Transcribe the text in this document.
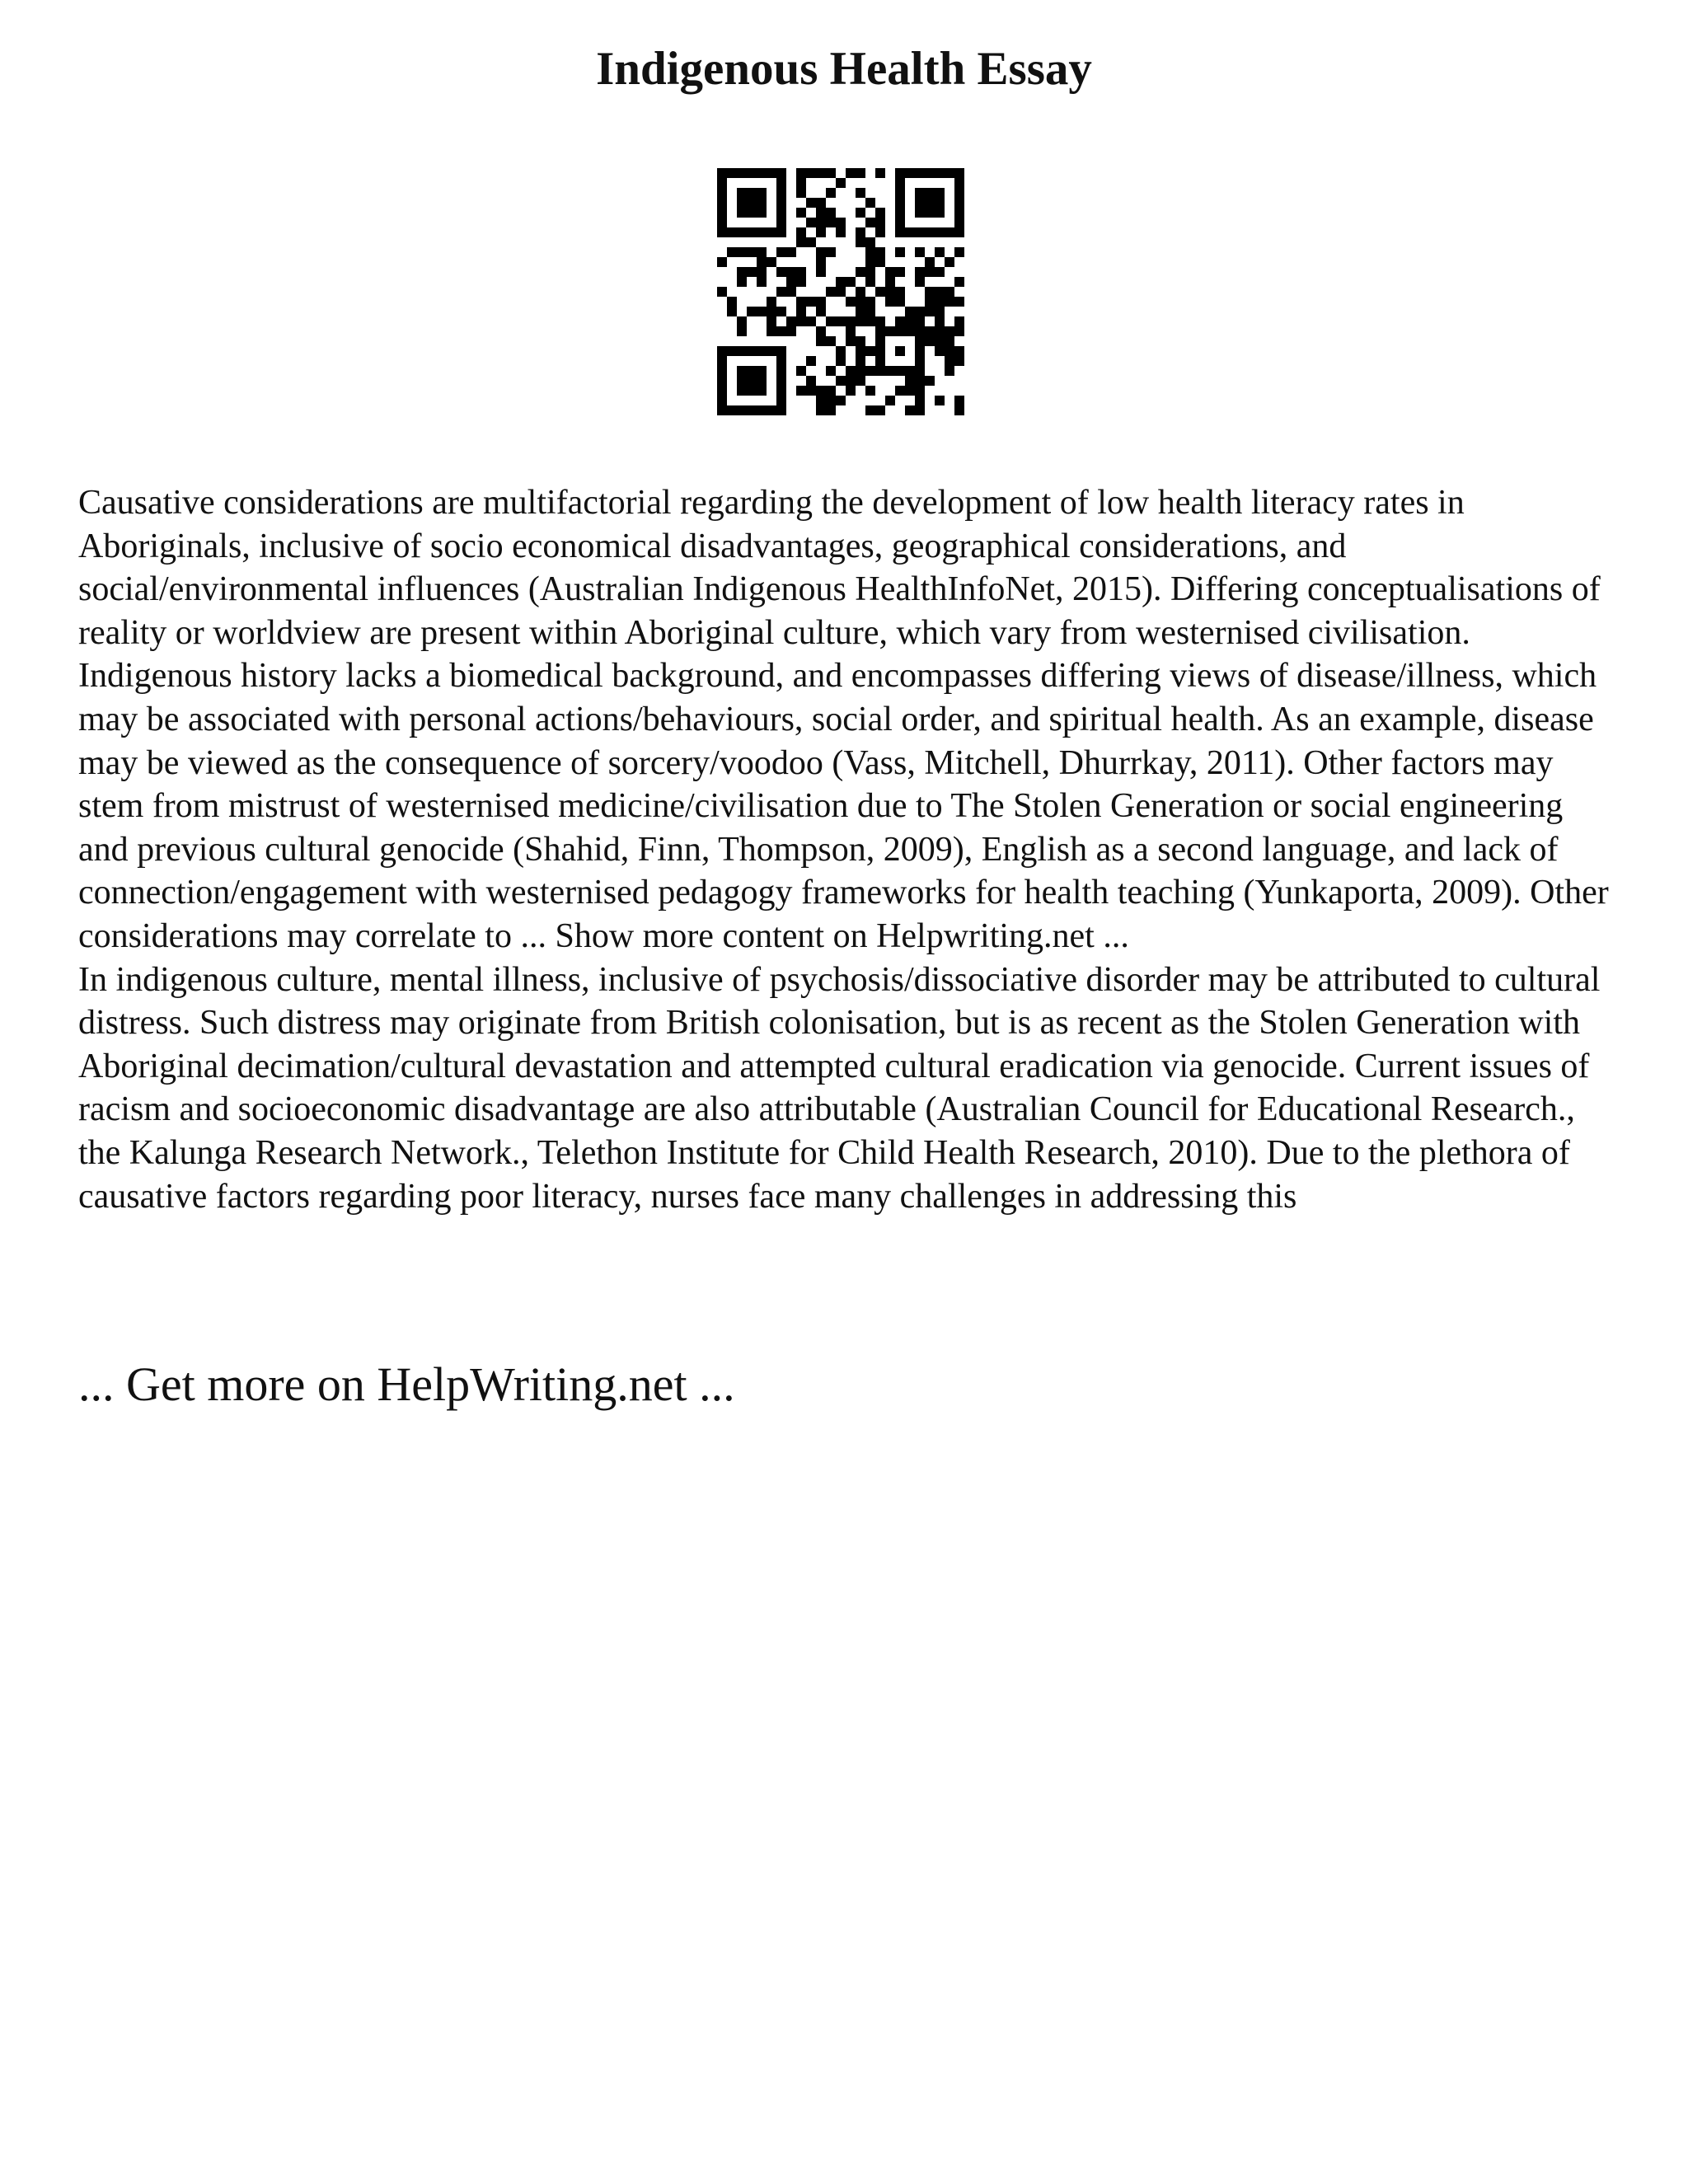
Indigenous Health Essay

Causative considerations are multifactorial regarding the development of low health literacy rates in Aboriginals, inclusive of socio economical disadvantages, geographical considerations, and social/environmental influences (Australian Indigenous HealthInfoNet, 2015). Differing conceptualisations of reality or worldview are present within Aboriginal culture, which vary from westernised civilisation. Indigenous history lacks a biomedical background, and encompasses differing views of disease/illness, which may be associated with personal actions/behaviours, social order, and spiritual health. As an example, disease may be viewed as the consequence of sorcery/voodoo (Vass, Mitchell, Dhurrkay, 2011). Other factors may stem from mistrust of westernised medicine/civilisation due to The Stolen Generation or social engineering and previous cultural genocide (Shahid, Finn, Thompson, 2009), English as a second language, and lack of connection/engagement with westernised pedagogy frameworks for health teaching (Yunkaporta, 2009). Other considerations may correlate to ... Show more content on Helpwriting.net ...

In indigenous culture, mental illness, inclusive of psychosis/dissociative disorder may be attributed to cultural distress. Such distress may originate from British colonisation, but is as recent as the Stolen Generation with Aboriginal decimation/cultural devastation and attempted cultural eradication via genocide. Current issues of racism and socioeconomic disadvantage are also attributable (Australian Council for Educational Research., the Kalunga Research Network., Telethon Institute for Child Health Research, 2010). Due to the plethora of causative factors regarding poor literacy, nurses face many challenges in addressing this

... Get more on HelpWriting.net ...
